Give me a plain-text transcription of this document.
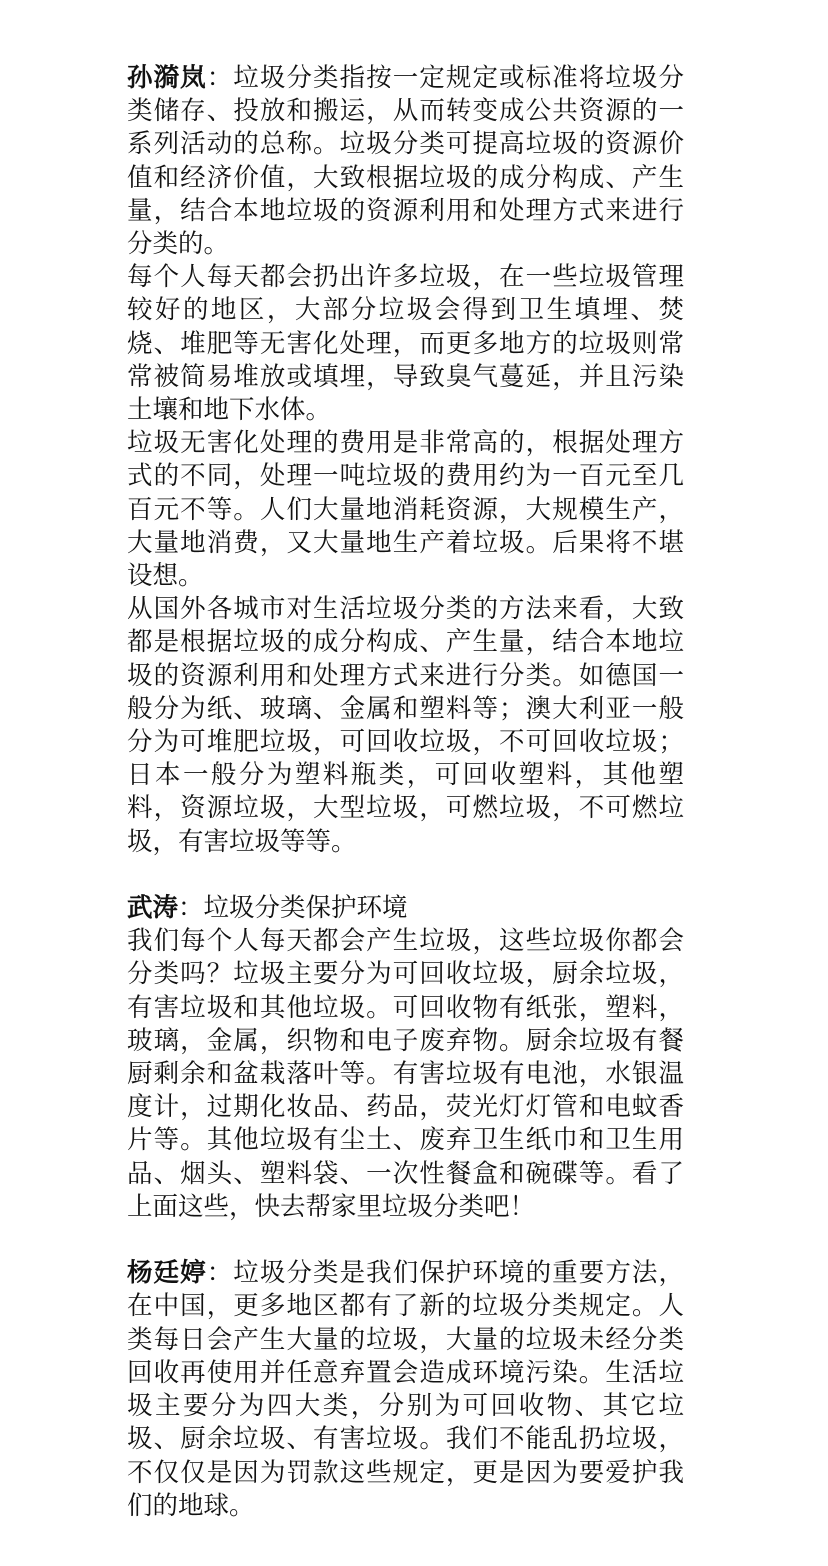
孙漪岚：垃圾分类指按一定规定或标准将垃圾分类储存、投放和搬运，从而转变成公共资源的一系列活动的总称。垃圾分类可提高垃圾的资源价值和经济价值，大致根据垃圾的成分构成、产生量，结合本地垃圾的资源利用和处理方式来进行分类的。

每个人每天都会扔出许多垃圾，在一些垃圾管理较好的地区，大部分垃圾会得到卫生填埋、焚烧、堆肥等无害化处理，而更多地方的垃圾则常常被简易堆放或填埋，导致臭气蔓延，并且污染土壤和地下水体。

垃圾无害化处理的费用是非常高的，根据处理方式的不同，处理一吨垃圾的费用约为一百元至几百元不等。人们大量地消耗资源，大规模生产，大量地消费，又大量地生产着垃圾。后果将不堪设想。

从国外各城市对生活垃圾分类的方法来看，大致都是根据垃圾的成分构成、产生量，结合本地垃圾的资源利用和处理方式来进行分类。如德国一般分为纸、玻璃、金属和塑料等；澳大利亚一般分为可堆肥垃圾，可回收垃圾，不可回收垃圾；日本一般分为塑料瓶类，可回收塑料，其他塑料，资源垃圾，大型垃圾，可燃垃圾，不可燃垃圾，有害垃圾等等。

武涛：垃圾分类保护环境

我们每个人每天都会产生垃圾，这些垃圾你都会分类吗？垃圾主要分为可回收垃圾，厨余垃圾，有害垃圾和其他垃圾。可回收物有纸张，塑料，玻璃，金属，织物和电子废弃物。厨余垃圾有餐厨剩余和盆栽落叶等。有害垃圾有电池，水银温度计，过期化妆品、药品，荧光灯灯管和电蚊香片等。其他垃圾有尘土、废弃卫生纸巾和卫生用品、烟头、塑料袋、一次性餐盒和碗碟等。看了上面这些，快去帮家里垃圾分类吧！

杨廷婷：垃圾分类是我们保护环境的重要方法，在中国，更多地区都有了新的垃圾分类规定。人类每日会产生大量的垃圾，大量的垃圾未经分类回收再使用并任意弃置会造成环境污染。生活垃圾主要分为四大类，分别为可回收物、其它垃圾、厨余垃圾、有害垃圾。我们不能乱扔垃圾，不仅仅是因为罚款这些规定，更是因为要爱护我们的地球。
